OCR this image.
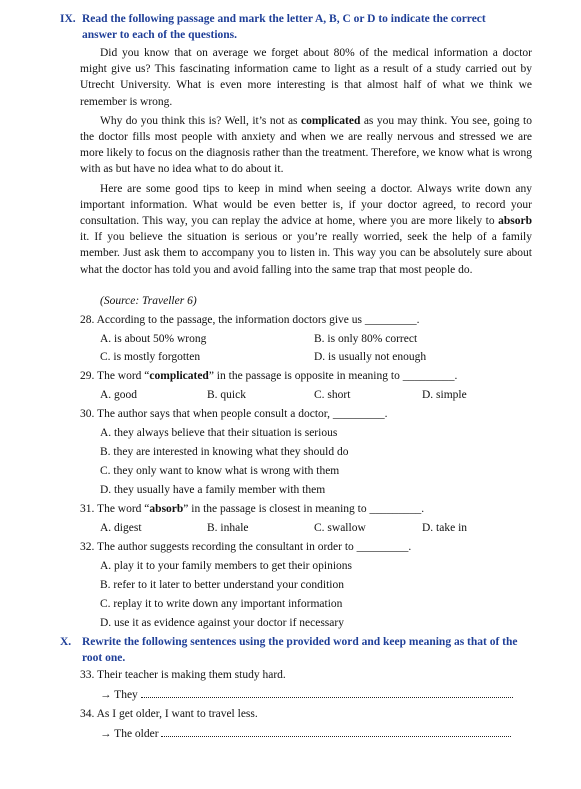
IX. Read the following passage and mark the letter A, B, C or D to indicate the correct
answer to each of the questions.

Did you know that on average we forget about 80% of the medical information a doctor might give us? This fascinating information came to light as a result of a study carried out by Utrecht University. What is even more interesting is that almost half of what we think we remember is wrong.

Why do you think this is? Well, it’s not as complicated as you may think. You see, going to the doctor fills most people with anxiety and when we are really nervous and stressed we are more likely to focus on the diagnosis rather than the treatment. Therefore, we know what is wrong with as but have no idea what to do about it.

Here are some good tips to keep in mind when seeing a doctor. Always write down any important information. What would be even better is, if your doctor agreed, to record your consultation. This way, you can replay the advice at home, where you are more likely to absorb it. If you believe the situation is serious or you’re really worried, seek the help of a family member. Just ask them to accompany you to listen in. This way you can be absolutely sure about what the doctor has told you and avoid falling into the same trap that most people do.

(Source: Traveller 6)
28. According to the passage, the information doctors give us _________.
A. is about 50% wrong	B. is only 80% correct
C. is mostly forgotten	D. is usually not enough
29. The word “complicated” in the passage is opposite in meaning to _________.
A. good	B. quick	C. short	D. simple
30. The author says that when people consult a doctor, _________.
A. they always believe that their situation is serious
B. they are interested in knowing what they should do
C. they only want to know what is wrong with them
D. they usually have a family member with them
31. The word “absorb” in the passage is closest in meaning to _________.
A. digest	B. inhale	C. swallow	D. take in
32. The author suggests recording the consultant in order to _________.
A. play it to your family members to get their opinions
B. refer to it later to better understand your condition
C. replay it to write down any important information
D. use it as evidence against your doctor if necessary
X. Rewrite the following sentences using the provided word and keep meaning as that of the
root one.
33. Their teacher is making them study hard.
→ They
34. As I get older, I want to travel less.
→ The older
